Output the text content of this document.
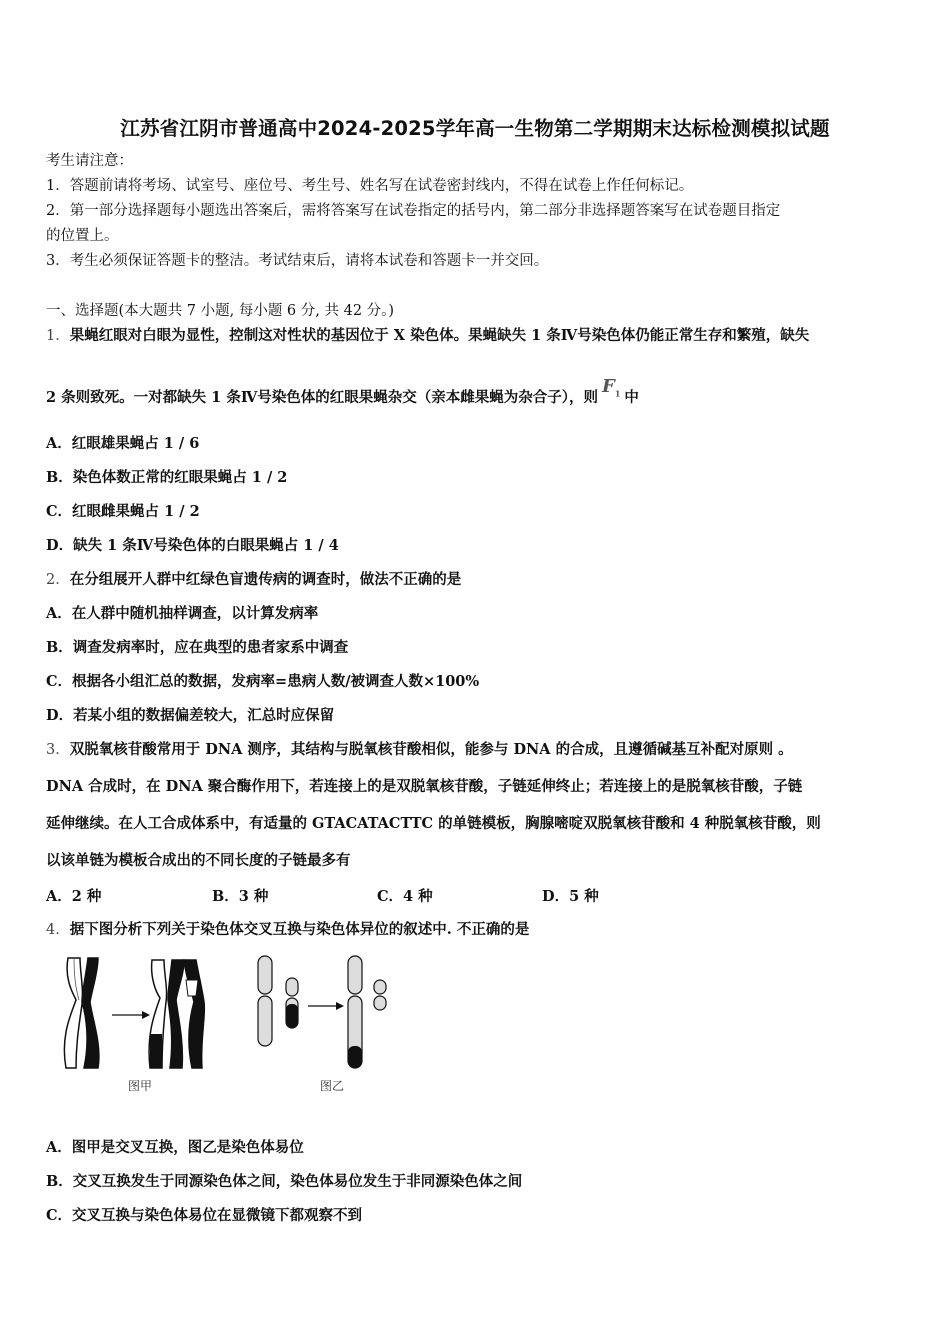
江苏省江阴市普通高中2024-2025学年高一生物第二学期期末达标检测模拟试题
考生请注意：
1．答题前请将考场、试室号、座位号、考生号、姓名写在试卷密封线内，不得在试卷上作任何标记。
2．第一部分选择题每小题选出答案后，需将答案写在试卷指定的括号内，第二部分非选择题答案写在试卷题目指定
的位置上。
3．考生必须保证答题卡的整洁。考试结束后，请将本试卷和答题卡一并交回。
一、选择题(本大题共 7 小题, 每小题 6 分, 共 42 分。)
1．果蝇红眼对白眼为显性，控制这对性状的基因位于 X 染色体。果蝇缺失 1 条Ⅳ号染色体仍能正常生存和繁殖，缺失
2 条则致死。一对都缺失 1 条Ⅳ号染色体的红眼果蝇杂交（亲本雌果蝇为杂合子），则$F_1$ 中
A．红眼雄果蝇占 1 / 6
B．染色体数正常的红眼果蝇占 1 / 2
C．红眼雌果蝇占 1 / 2
D．缺失 1 条Ⅳ号染色体的白眼果蝇占 1 / 4
2．在分组展开人群中红绿色盲遗传病的调查时，做法不正确的是
A．在人群中随机抽样调查，以计算发病率
B．调查发病率时，应在典型的患者家系中调查
C．根据各小组汇总的数据，发病率=患病人数/被调查人数×100%
D．若某小组的数据偏差较大，汇总时应保留
3．双脱氧核苷酸常用于 DNA 测序，其结构与脱氧核苷酸相似，能参与 DNA 的合成，且遵循碱基互补配对原则 。
DNA 合成时，在 DNA 聚合酶作用下，若连接上的是双脱氧核苷酸，子链延伸终止；若连接上的是脱氧核苷酸，子链
延伸继续。在人工合成体系中，有适量的 GTACATACTTC 的单链模板，胸腺嘧啶双脱氧核苷酸和 4 种脱氧核苷酸，则
以该单链为模板合成出的不同长度的子链最多有
A．2 种	B．3 种	C．4 种	D．5 种
4．据下图分析下列关于染色体交叉互换与染色体异位的叙述中. 不正确的是
图甲	图乙
A．图甲是交叉互换，图乙是染色体易位
B．交叉互换发生于同源染色体之间，染色体易位发生于非同源染色体之间
C．交叉互换与染色体易位在显微镜下都观察不到
